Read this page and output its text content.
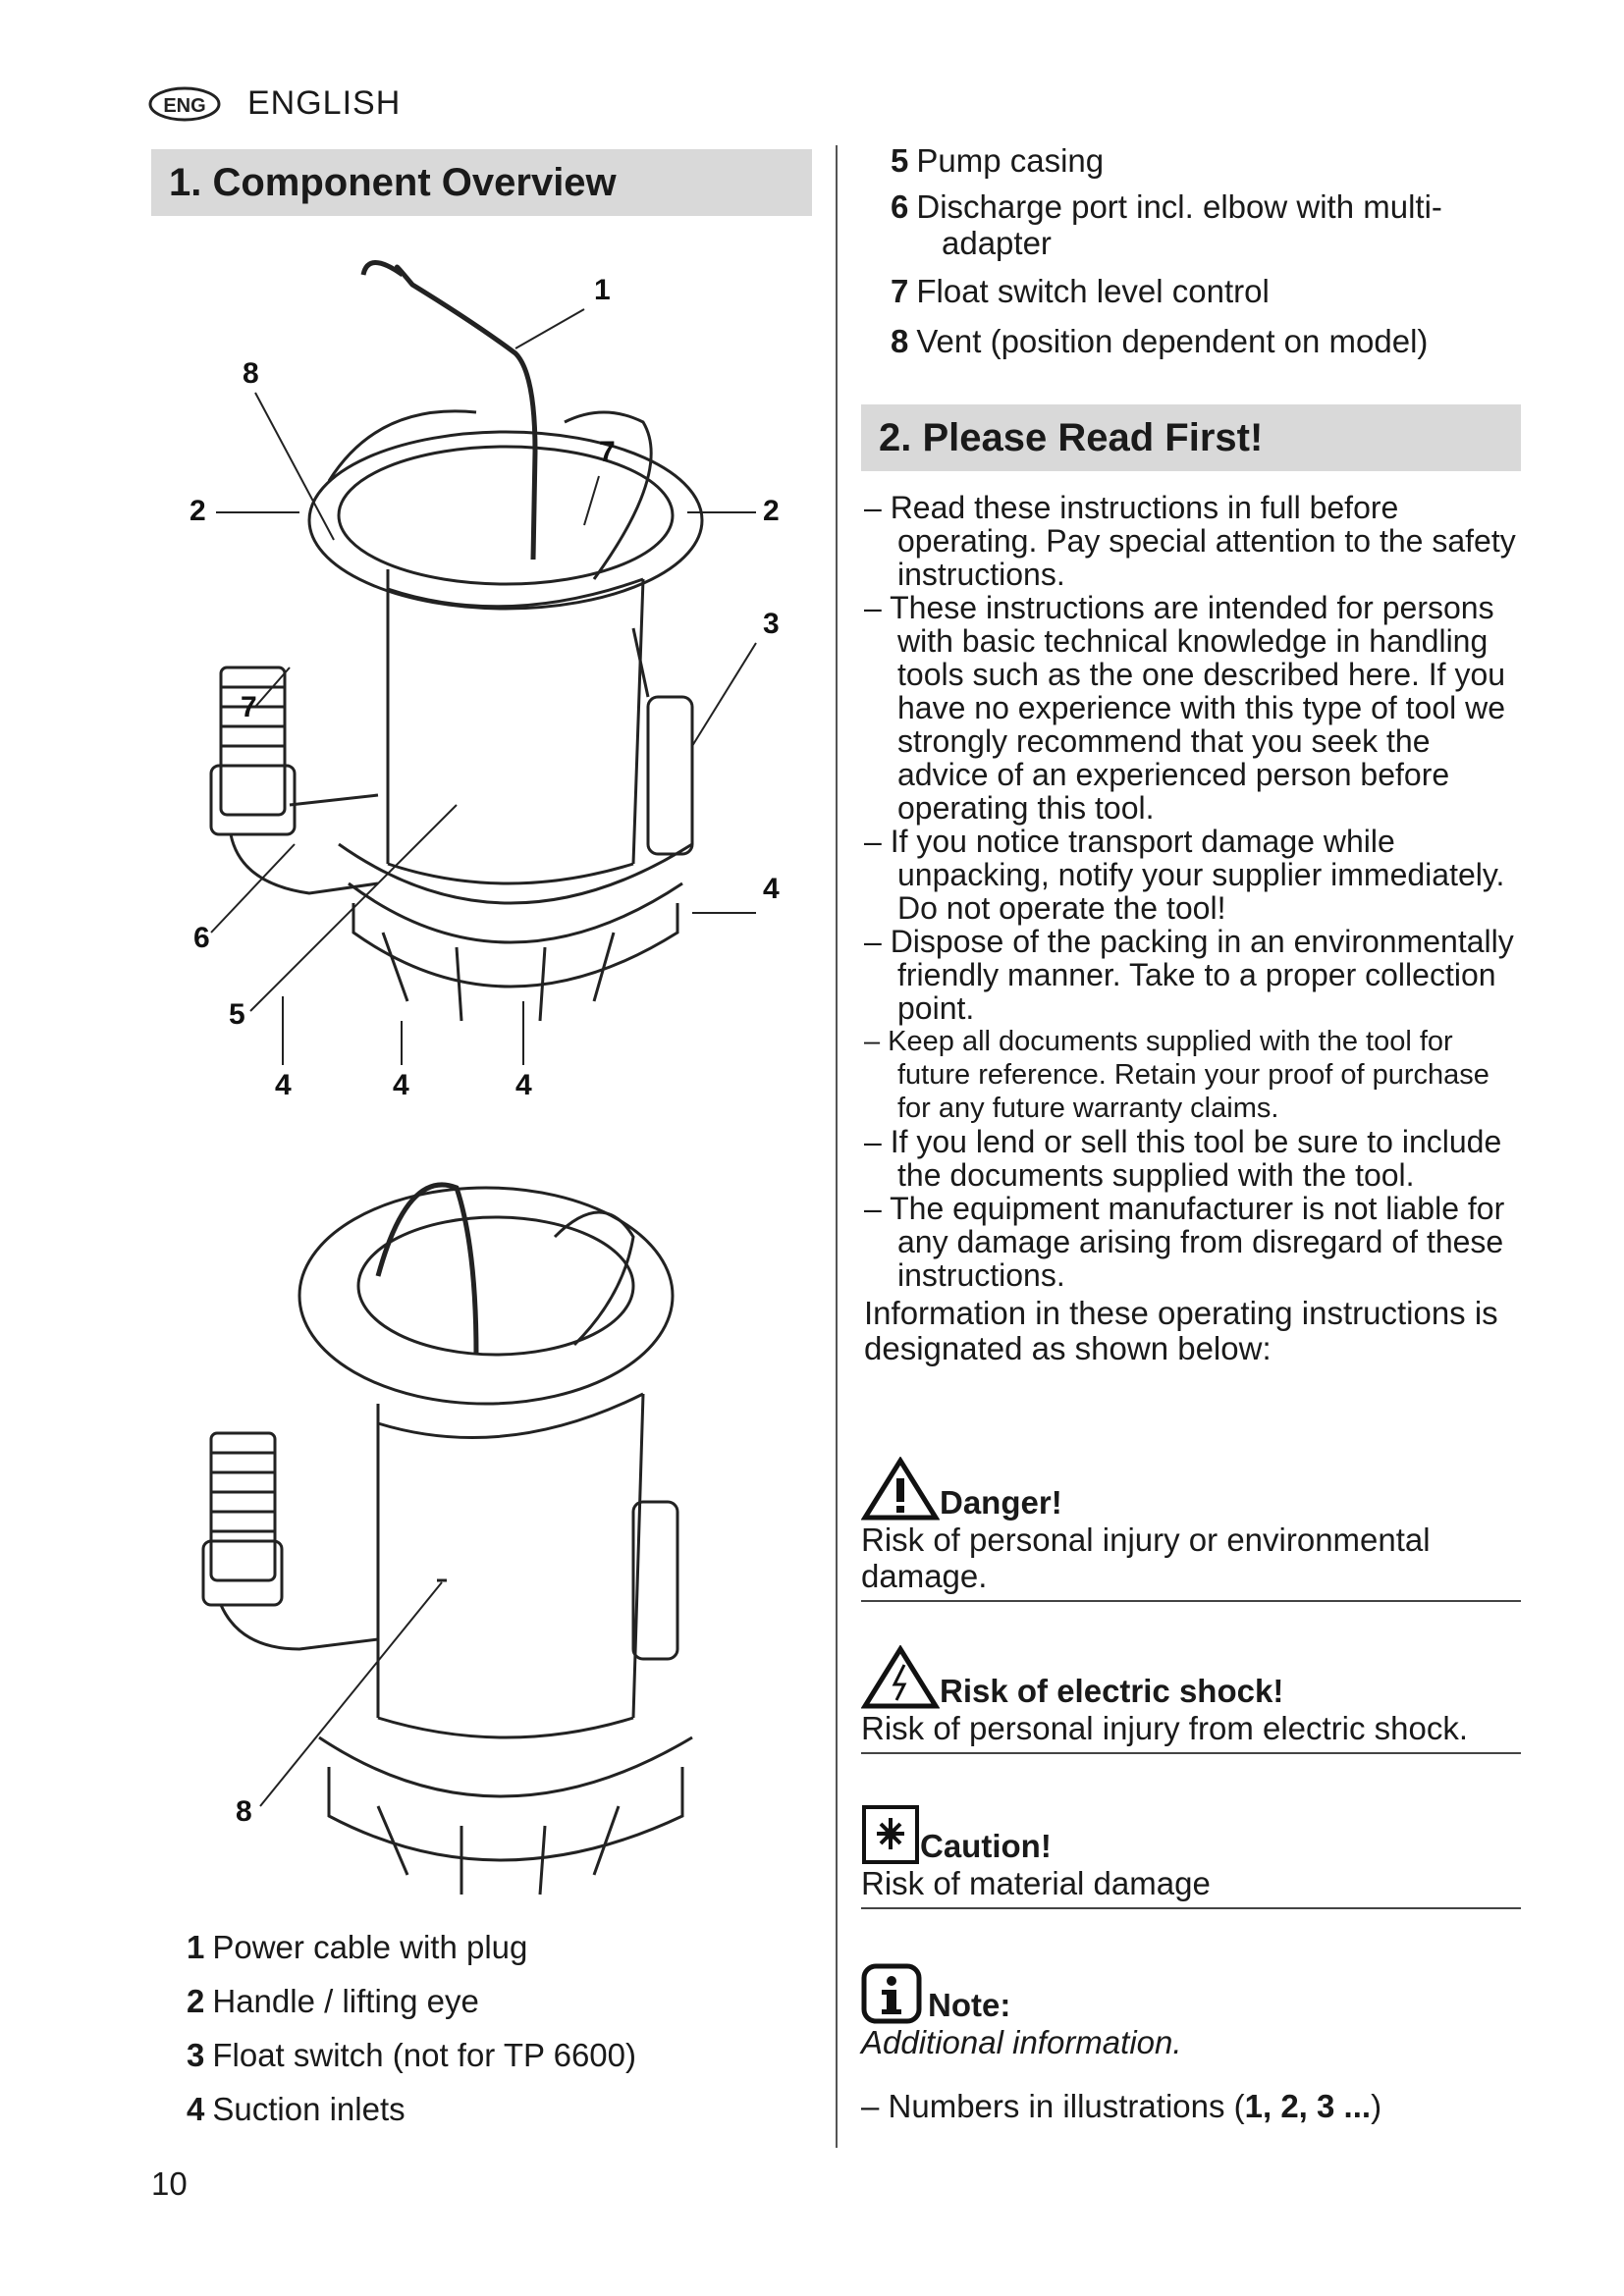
ENG ENGLISH
1. Component Overview
1
8
7
2	2
3
7
4
6
5
4	4	4
8
1 Power cable with plug
2 Handle / lifting eye
3 Float switch (not for TP 6600)
4 Suction inlets
5 Pump casing
6 Discharge port incl. elbow with multi-adapter
7 Float switch level control
8 Vent (position dependent on model)
2. Please Read First!

– Read these instructions in full before operating. Pay special attention to the safety instructions.

– These instructions are intended for persons with basic technical knowledge in handling tools such as the one described here. If you have no experience with this type of tool we strongly recommend that you seek the advice of an experienced person before operating this tool.

– If you notice transport damage while unpacking, notify your supplier immediately. Do not operate the tool!

– Dispose of the packing in an environmentally friendly manner. Take to a proper collection point.

– Keep all documents supplied with the tool for future reference. Retain your proof of purchase for any future warranty claims.

– If you lend or sell this tool be sure to include the documents supplied with the tool.

– The equipment manufacturer is not liable for any damage arising from disregard of these instructions.

Information in these operating instructions is designated as shown below:
Danger!
Risk of personal injury or environmental damage.
Risk of electric shock!
Risk of personal injury from electric shock.
Caution!
Risk of material damage
Note:
Additional information.
– Numbers in illustrations (1, 2, 3 ...)
10
